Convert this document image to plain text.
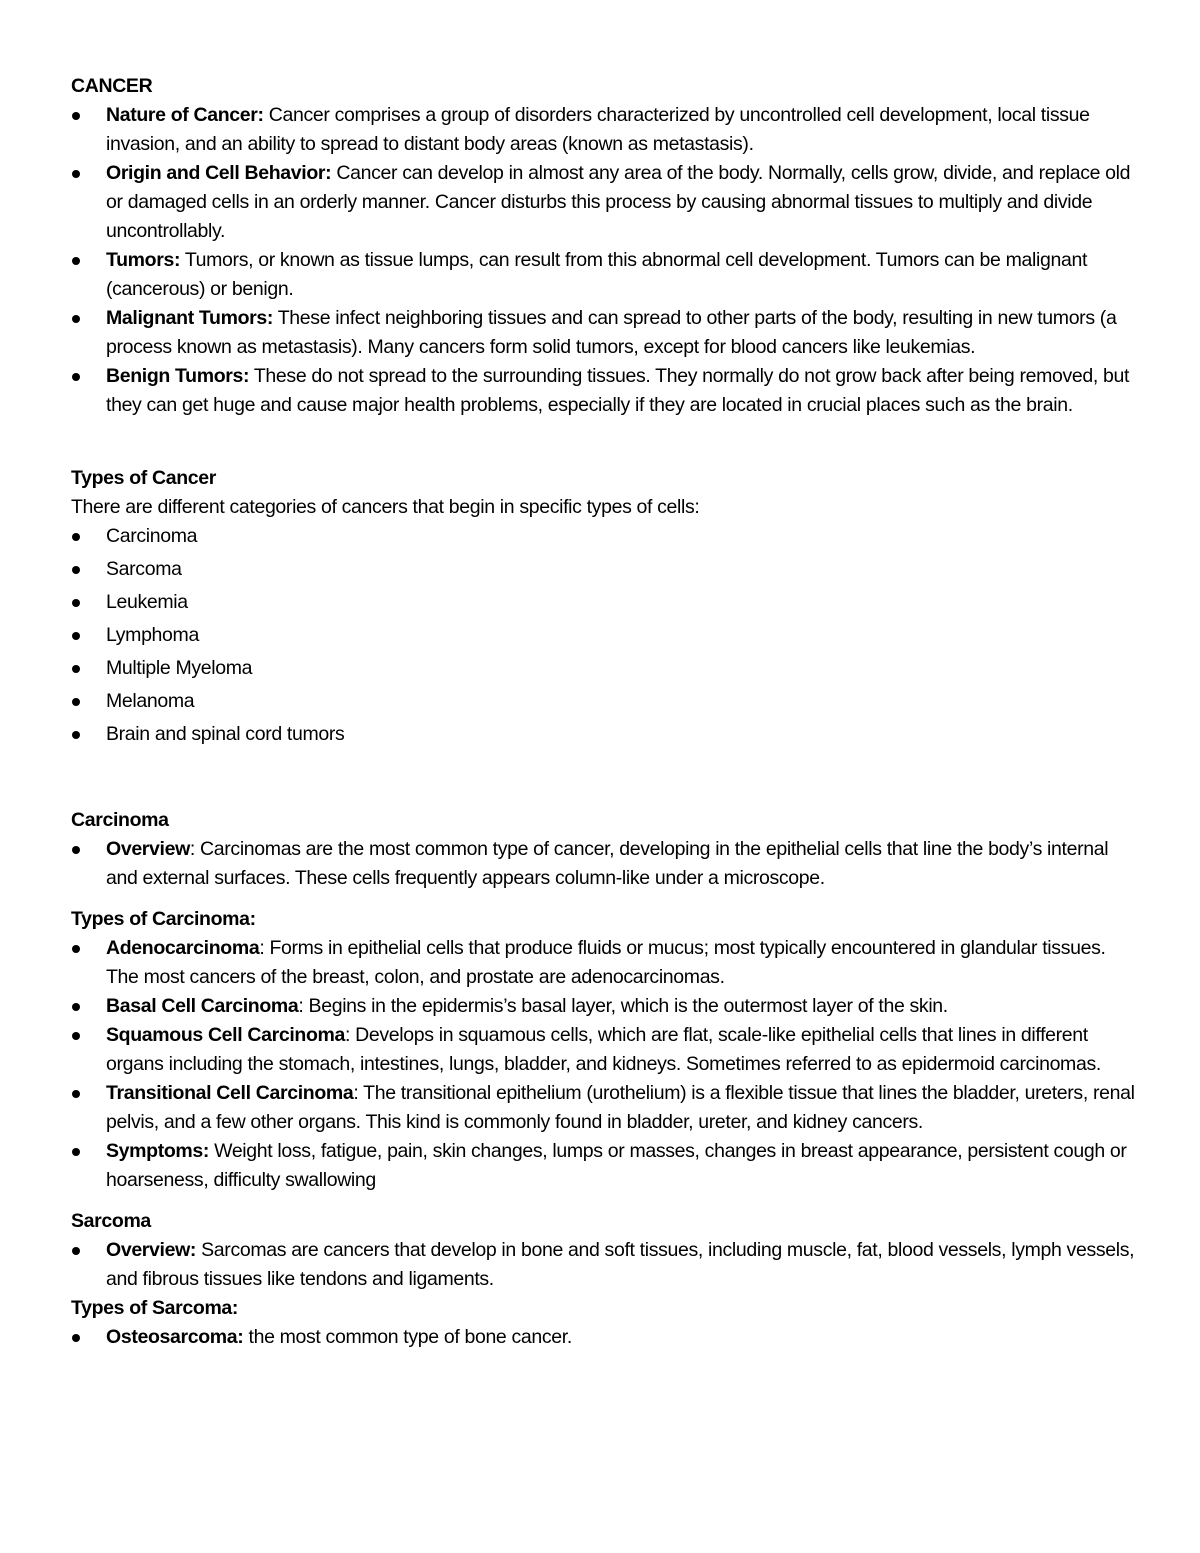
CANCER

Nature of Cancer: Cancer comprises a group of disorders characterized by uncontrolled cell development, local tissue invasion, and an ability to spread to distant body areas (known as metastasis).
Origin and Cell Behavior: Cancer can develop in almost any area of the body. Normally, cells grow, divide, and replace old or damaged cells in an orderly manner. Cancer disturbs this process by causing abnormal tissues to multiply and divide uncontrollably.
Tumors: Tumors, or known as tissue lumps, can result from this abnormal cell development. Tumors can be malignant (cancerous) or benign.
Malignant Tumors: These infect neighboring tissues and can spread to other parts of the body, resulting in new tumors (a process known as metastasis). Many cancers form solid tumors, except for blood cancers like leukemias.
Benign Tumors: These do not spread to the surrounding tissues. They normally do not grow back after being removed, but they can get huge and cause major health problems, especially if they are located in crucial places such as the brain.

Types of Cancer

There are different categories of cancers that begin in specific types of cells:

Carcinoma
Sarcoma
Leukemia
Lymphoma
Multiple Myeloma
Melanoma
Brain and spinal cord tumors

Carcinoma

Overview: Carcinomas are the most common type of cancer, developing in the epithelial cells that line the body’s internal and external surfaces. These cells frequently appears column-like under a microscope.

Types of Carcinoma:

Adenocarcinoma: Forms in epithelial cells that produce fluids or mucus; most typically encountered in glandular tissues. The most cancers of the breast, colon, and prostate are adenocarcinomas.
Basal Cell Carcinoma: Begins in the epidermis’s basal layer, which is the outermost layer of the skin.
Squamous Cell Carcinoma: Develops in squamous cells, which are flat, scale-like epithelial cells that lines in different organs including the stomach, intestines, lungs, bladder, and kidneys. Sometimes referred to as epidermoid carcinomas.
Transitional Cell Carcinoma: The transitional epithelium (urothelium) is a flexible tissue that lines the bladder, ureters, renal pelvis, and a few other organs. This kind is commonly found in bladder, ureter, and kidney cancers.
Symptoms: Weight loss, fatigue, pain, skin changes, lumps or masses, changes in breast appearance, persistent cough or hoarseness, difficulty swallowing

Sarcoma

Overview: Sarcomas are cancers that develop in bone and soft tissues, including muscle, fat, blood vessels, lymph vessels, and fibrous tissues like tendons and ligaments.

Types of Sarcoma:

Osteosarcoma: the most common type of bone cancer.
